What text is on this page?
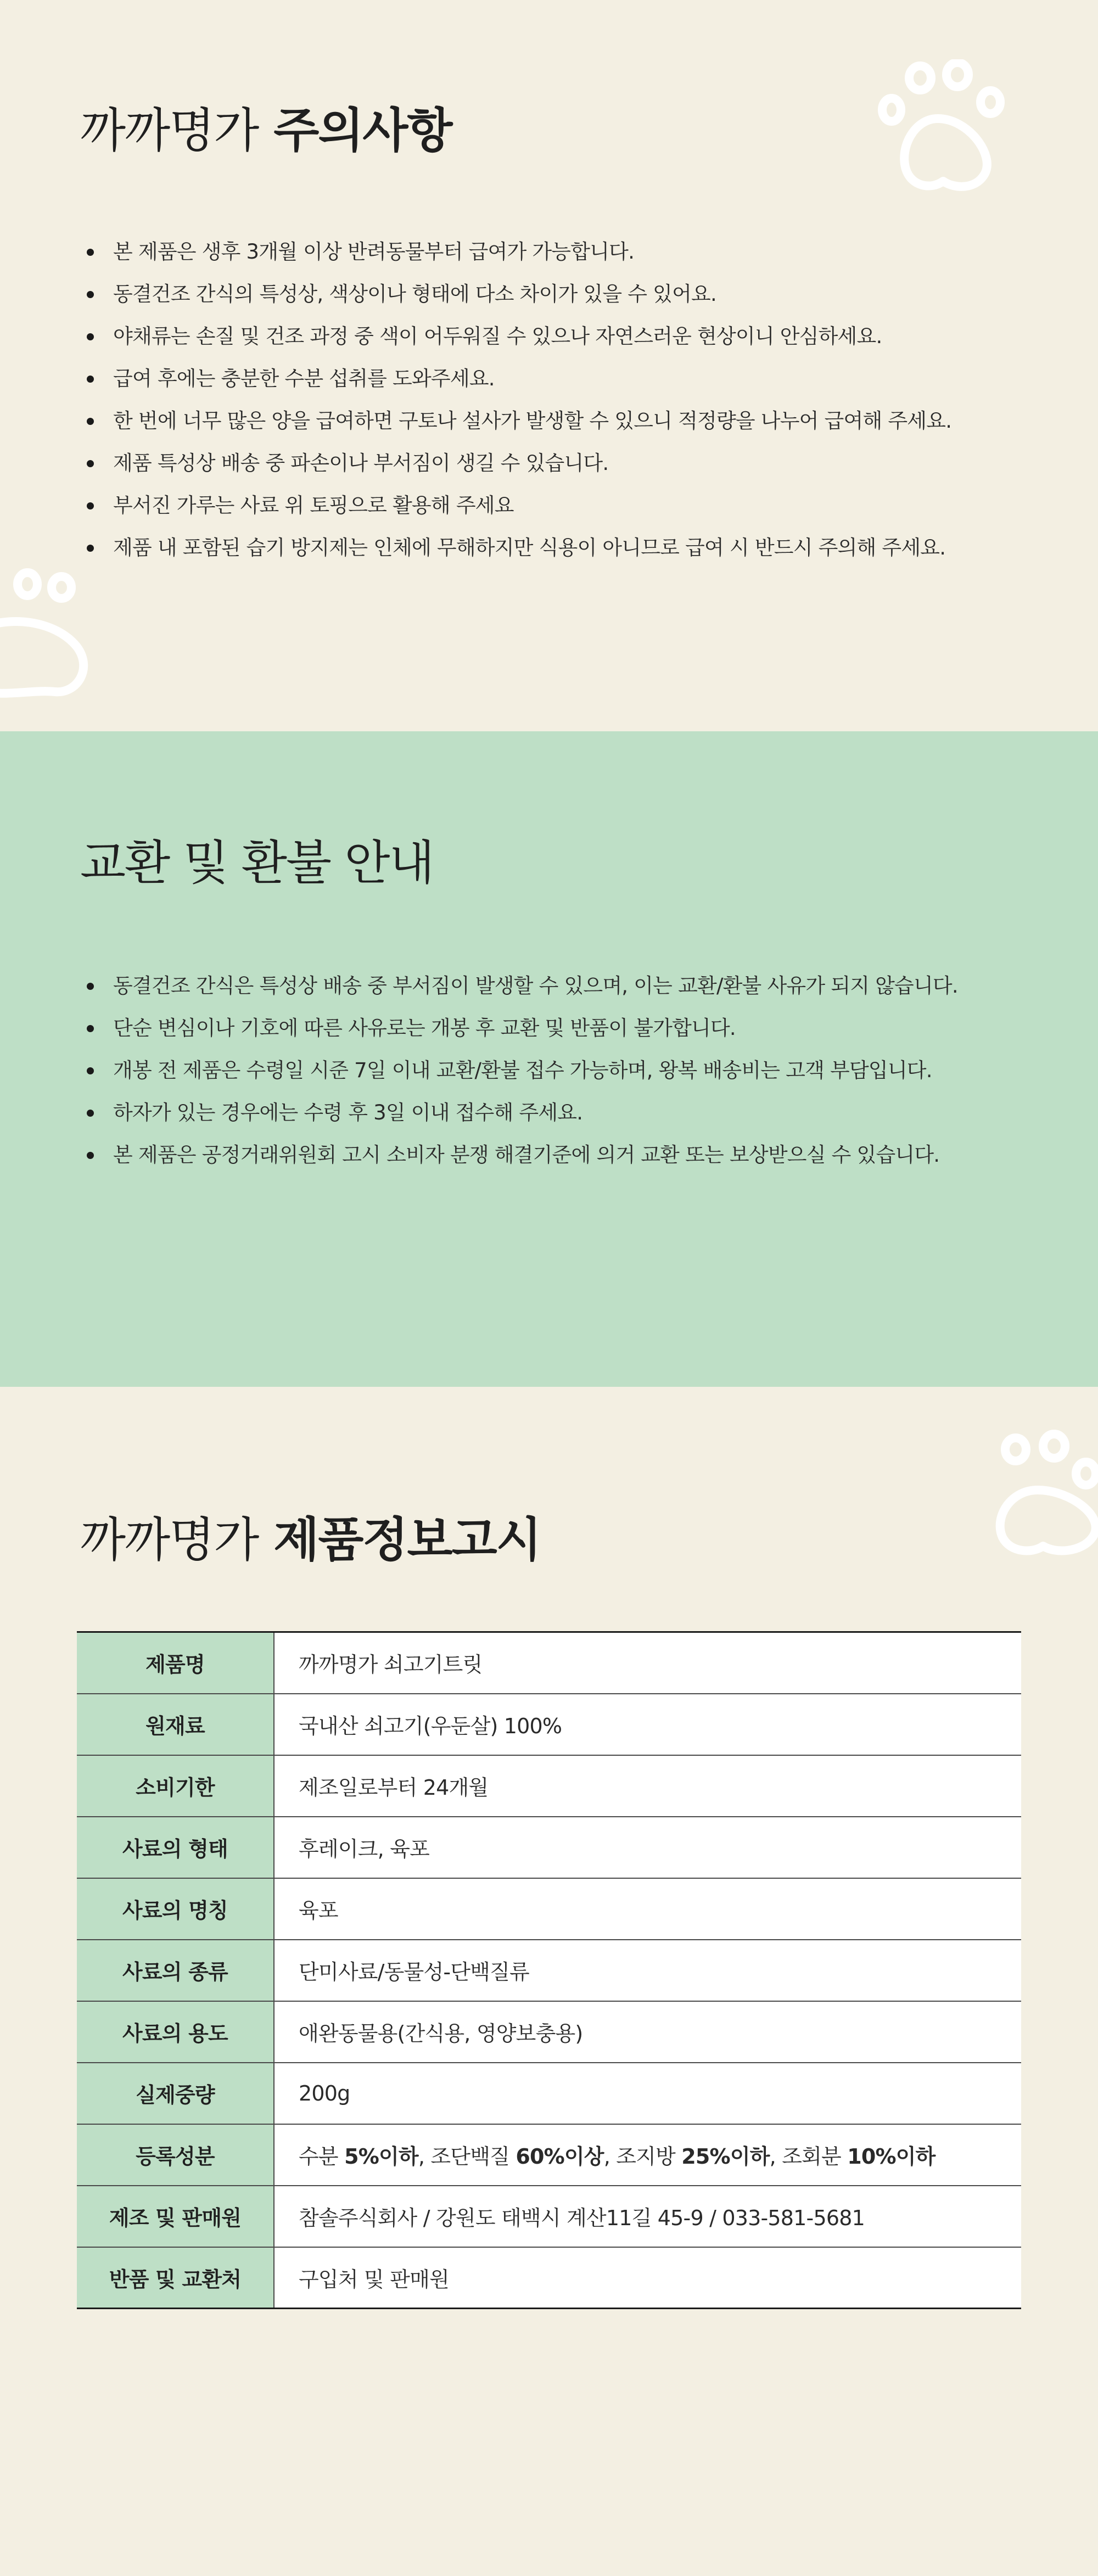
까까명가 주의사항
본 제품은 생후 3개월 이상 반려동물부터 급여가 가능합니다.
동결건조 간식의 특성상, 색상이나 형태에 다소 차이가 있을 수 있어요.
야채류는 손질 및 건조 과정 중 색이 어두워질 수 있으나 자연스러운 현상이니 안심하세요.
급여 후에는 충분한 수분 섭취를 도와주세요.
한 번에 너무 많은 양을 급여하면 구토나 설사가 발생할 수 있으니 적정량을 나누어 급여해 주세요.
제품 특성상 배송 중 파손이나 부서짐이 생길 수 있습니다.
부서진 가루는 사료 위 토핑으로 활용해 주세요
제품 내 포함된 습기 방지제는 인체에 무해하지만 식용이 아니므로 급여 시 반드시 주의해 주세요.
교환 및 환불 안내
동결건조 간식은 특성상 배송 중 부서짐이 발생할 수 있으며, 이는 교환/환불 사유가 되지 않습니다.
단순 변심이나 기호에 따른 사유로는 개봉 후 교환 및 반품이 불가합니다.
개봉 전 제품은 수령일 시준 7일 이내 교환/환불 접수 가능하며, 왕복 배송비는 고객 부담입니다.
하자가 있는 경우에는 수령 후 3일 이내 접수해 주세요.
본 제품은 공정거래위원회 고시 소비자 분쟁 해결기준에 의거 교환 또는 보상받으실 수 있습니다.
까까명가 제품정보고시
제품명	까까명가 쇠고기트릿
원재료	국내산 쇠고기(우둔살) 100%
소비기한	제조일로부터 24개월
사료의 형태	후레이크, 육포
사료의 명칭	육포
사료의 종류	단미사료/동물성-단백질류
사료의 용도	애완동물용(간식용, 영양보충용)
실제중량	200g
등록성분	수분 5%이하, 조단백질 60%이상, 조지방 25%이하, 조회분 10%이하
제조 및 판매원	참솔주식회사 / 강원도 태백시 계산11길 45-9 / 033-581-5681
반품 및 교환처	구입처 및 판매원
